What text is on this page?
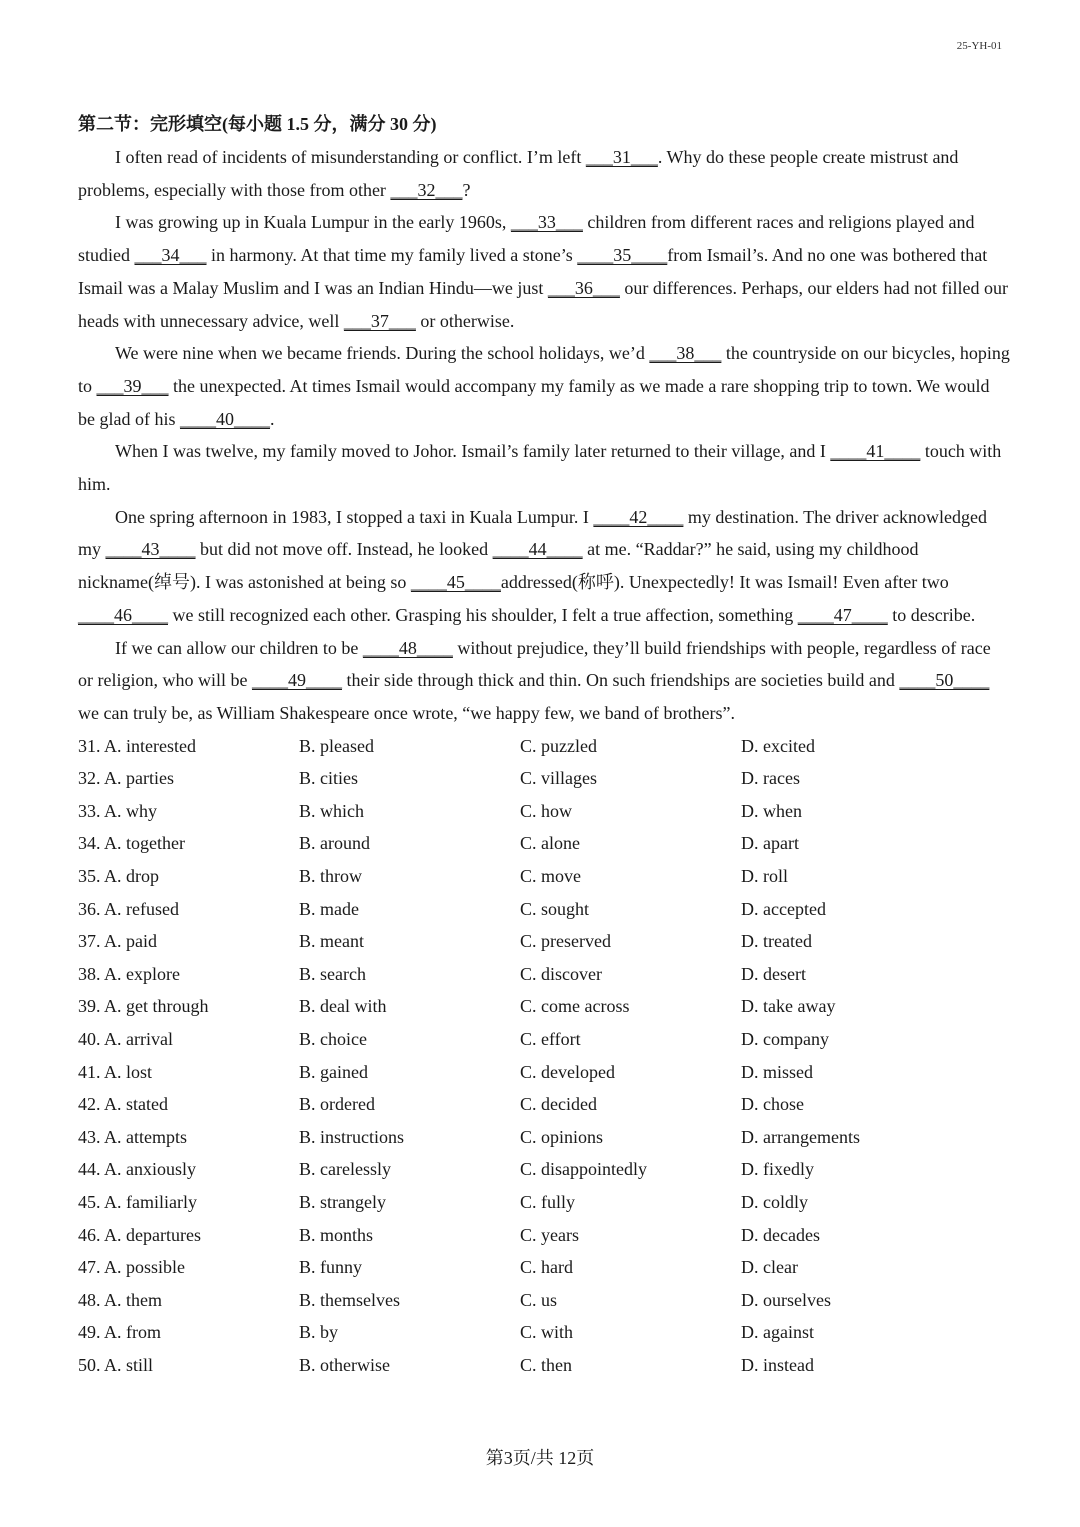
25-YH-01
第二节：完形填空(每小题 1.5 分，满分 30 分)

I often read of incidents of misunderstanding or conflict. I’m left ___31___. Why do these people create mistrust and problems, especially with those from other ___32___?

I was growing up in Kuala Lumpur in the early 1960s, ___33___ children from different races and religions played and studied ___34___ in harmony. At that time my family lived a stone’s ____35____from Ismail’s. And no one was bothered that Ismail was a Malay Muslim and I was an Indian Hindu—we just ___36___ our differences. Perhaps, our elders had not filled our heads with unnecessary advice, well ___37___ or otherwise.

We were nine when we became friends. During the school holidays, we’d ___38___ the countryside on our bicycles, hoping to ___39___ the unexpected. At times Ismail would accompany my family as we made a rare shopping trip to town. We would be glad of his ____40____.

When I was twelve, my family moved to Johor. Ismail’s family later returned to their village, and I ____41____ touch with him.

One spring afternoon in 1983, I stopped a taxi in Kuala Lumpur. I ____42____ my destination. The driver acknowledged my ____43____ but did not move off. Instead, he looked ____44____ at me. “Raddar?” he said, using my childhood nickname(绰号). I was astonished at being so ____45____addressed(称呼). Unexpectedly! It was Ismail! Even after two ____46____ we still recognized each other. Grasping his shoulder, I felt a true affection, something ____47____ to describe.

If we can allow our children to be ____48____ without prejudice, they’ll build friendships with people, regardless of race or religion, who will be ____49____ their side through thick and thin. On such friendships are societies build and ____50____ we can truly be, as William Shakespeare once wrote, “we happy few, we band of brothers”.

31. A. interested	B. pleased	C. puzzled	D. excited
32. A. parties	B. cities	C. villages	D. races
33. A. why	B. which	C. how	D. when
34. A. together	B. around	C. alone	D. apart
35. A. drop	B. throw	C. move	D. roll
36. A. refused	B. made	C. sought	D. accepted
37. A. paid	B. meant	C. preserved	D. treated
38. A. explore	B. search	C. discover	D. desert
39. A. get through	B. deal with	C. come across	D. take away
40. A. arrival	B. choice	C. effort	D. company
41. A. lost	B. gained	C. developed	D. missed
42. A. stated	B. ordered	C. decided	D. chose
43. A. attempts	B. instructions	C. opinions	D. arrangements
44. A. anxiously	B. carelessly	C. disappointedly	D. fixedly
45. A. familiarly	B. strangely	C. fully	D. coldly
46. A. departures	B. months	C. years	D. decades
47. A. possible	B. funny	C. hard	D. clear
48. A. them	B. themselves	C. us	D. ourselves
49. A. from	B. by	C. with	D. against
50. A. still	B. otherwise	C. then	D. instead
第3页/共 12页
